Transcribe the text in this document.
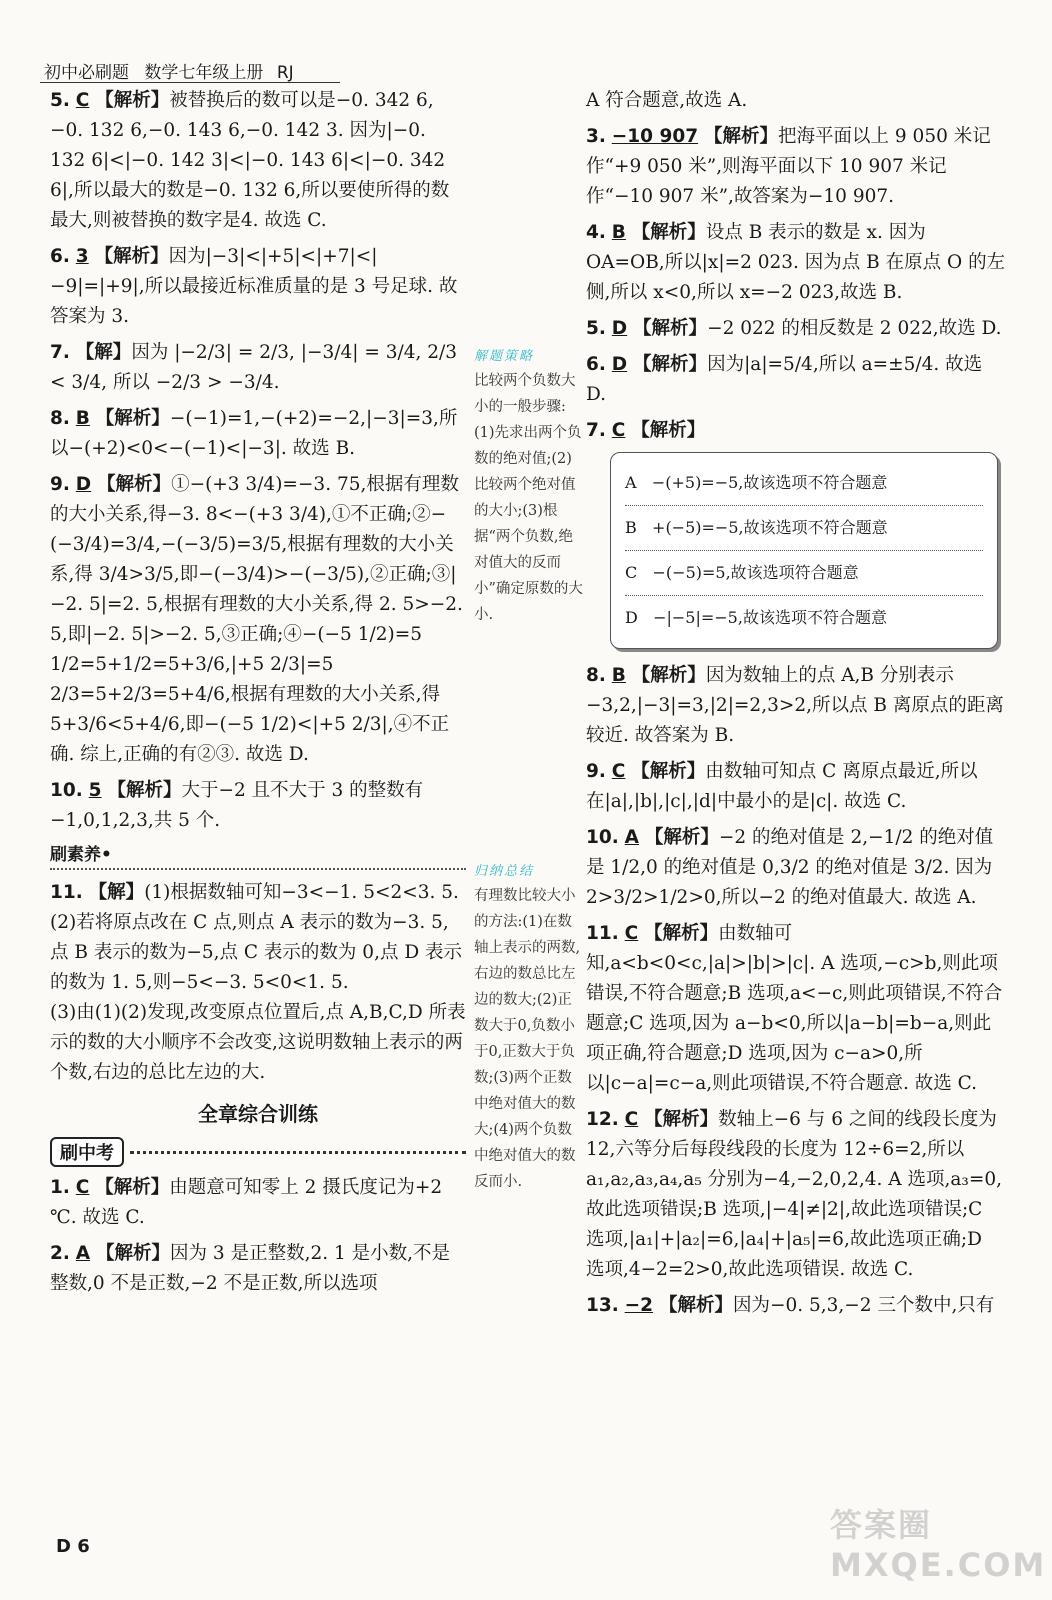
初中必刷题 数学七年级上册 RJ
5. C 【解析】被替换后的数可以是−0. 342 6, −0. 132 6,−0. 143 6,−0. 142 3. 因为|−0. 132 6|<|−0. 142 3|<|−0. 143 6|<|−0. 342 6|,所以最大的数是−0. 132 6,所以要使所得的数最大,则被替换的数字是4. 故选 C.
6. 3 【解析】因为|−3|<|+5|<|+7|<|−9|=|+9|,所以最接近标准质量的是 3 号足球. 故答案为 3.
7. 【解】因为 |−2/3| = 2/3, |−3/4| = 3/4, 2/3 < 3/4, 所以 −2/3 > −3/4.
8. B 【解析】−(−1)=1,−(+2)=−2,|−3|=3,所以−(+2)<0<−(−1)<|−3|. 故选 B.
9. D 【解析】①−(+3 3/4)=−3. 75,根据有理数的大小关系,得−3. 8<−(+3 3/4),①不正确;②−(−3/4)=3/4,−(−3/5)=3/5,根据有理数的大小关系,得 3/4>3/5,即−(−3/4)>−(−3/5),②正确;③|−2. 5|=2. 5,根据有理数的大小关系,得 2. 5>−2. 5,即|−2. 5|>−2. 5,③正确;④−(−5 1/2)=5 1/2=5+1/2=5+3/6,|+5 2/3|=5 2/3=5+2/3=5+4/6,根据有理数的大小关系,得 5+3/6<5+4/6,即−(−5 1/2)<|+5 2/3|,④不正确. 综上,正确的有②③. 故选 D.
10. 5 【解析】大于−2 且不大于 3 的整数有−1,0,1,2,3,共 5 个.
刷素养•
11. 【解】(1)根据数轴可知−3<−1. 5<2<3. 5.
(2)若将原点改在 C 点,则点 A 表示的数为−3. 5,点 B 表示的数为−5,点 C 表示的数为 0,点 D 表示的数为 1. 5,则−5<−3. 5<0<1. 5.
(3)由(1)(2)发现,改变原点位置后,点 A,B,C,D 所表示的数的大小顺序不会改变,这说明数轴上表示的两个数,右边的总比左边的大.
全章综合训练
刷中考
1. C 【解析】由题意可知零上 2 摄氏度记为+2 ℃. 故选 C.
2. A 【解析】因为 3 是正整数,2. 1 是小数,不是整数,0 不是正数,−2 不是正数,所以选项
解题策略
比较两个负数大小的一般步骤:(1)先求出两个负数的绝对值;(2)比较两个绝对值的大小;(3)根据“两个负数,绝对值大的反而小”确定原数的大小.
归纳总结
有理数比较大小的方法:(1)在数轴上表示的两数,右边的数总比左边的数大;(2)正数大于0,负数小于0,正数大于负数;(3)两个正数中绝对值大的数大;(4)两个负数中绝对值大的数反而小.
A 符合题意,故选 A.
3. −10 907 【解析】把海平面以上 9 050 米记作“+9 050 米”,则海平面以下 10 907 米记作“−10 907 米”,故答案为−10 907.
4. B 【解析】设点 B 表示的数是 x. 因为 OA=OB,所以|x|=2 023. 因为点 B 在原点 O 的左侧,所以 x<0,所以 x=−2 023,故选 B.
5. D 【解析】−2 022 的相反数是 2 022,故选 D.
6. D 【解析】因为|a|=5/4,所以 a=±5/4. 故选 D.
7. C 【解析】
A −(+5)=−5,故该选项不符合题意
B +(−5)=−5,故该选项不符合题意
C −(−5)=5,故该选项符合题意
D −|−5|=−5,故该选项不符合题意
8. B 【解析】因为数轴上的点 A,B 分别表示−3,2,|−3|=3,|2|=2,3>2,所以点 B 离原点的距离较近. 故答案为 B.
9. C 【解析】由数轴可知点 C 离原点最近,所以在|a|,|b|,|c|,|d|中最小的是|c|. 故选 C.
10. A 【解析】−2 的绝对值是 2,−1/2 的绝对值是 1/2,0 的绝对值是 0,3/2 的绝对值是 3/2. 因为 2>3/2>1/2>0,所以−2 的绝对值最大. 故选 A.
11. C 【解析】由数轴可知,a<b<0<c,|a|>|b|>|c|. A 选项,−c>b,则此项错误,不符合题意;B 选项,a<−c,则此项错误,不符合题意;C 选项,因为 a−b<0,所以|a−b|=b−a,则此项正确,符合题意;D 选项,因为 c−a>0,所以|c−a|=c−a,则此项错误,不符合题意. 故选 C.
12. C 【解析】数轴上−6 与 6 之间的线段长度为 12,六等分后每段线段的长度为 12÷6=2,所以 a₁,a₂,a₃,a₄,a₅ 分别为−4,−2,0,2,4. A 选项,a₃=0,故此选项错误;B 选项,|−4|≠|2|,故此选项错误;C 选项,|a₁|+|a₂|=6,|a₄|+|a₅|=6,故此选项正确;D 选项,4−2=2>0,故此选项错误. 故选 C.
13. −2 【解析】因为−0. 5,3,−2 三个数中,只有
D 6
答案圈 MXQE.COM
